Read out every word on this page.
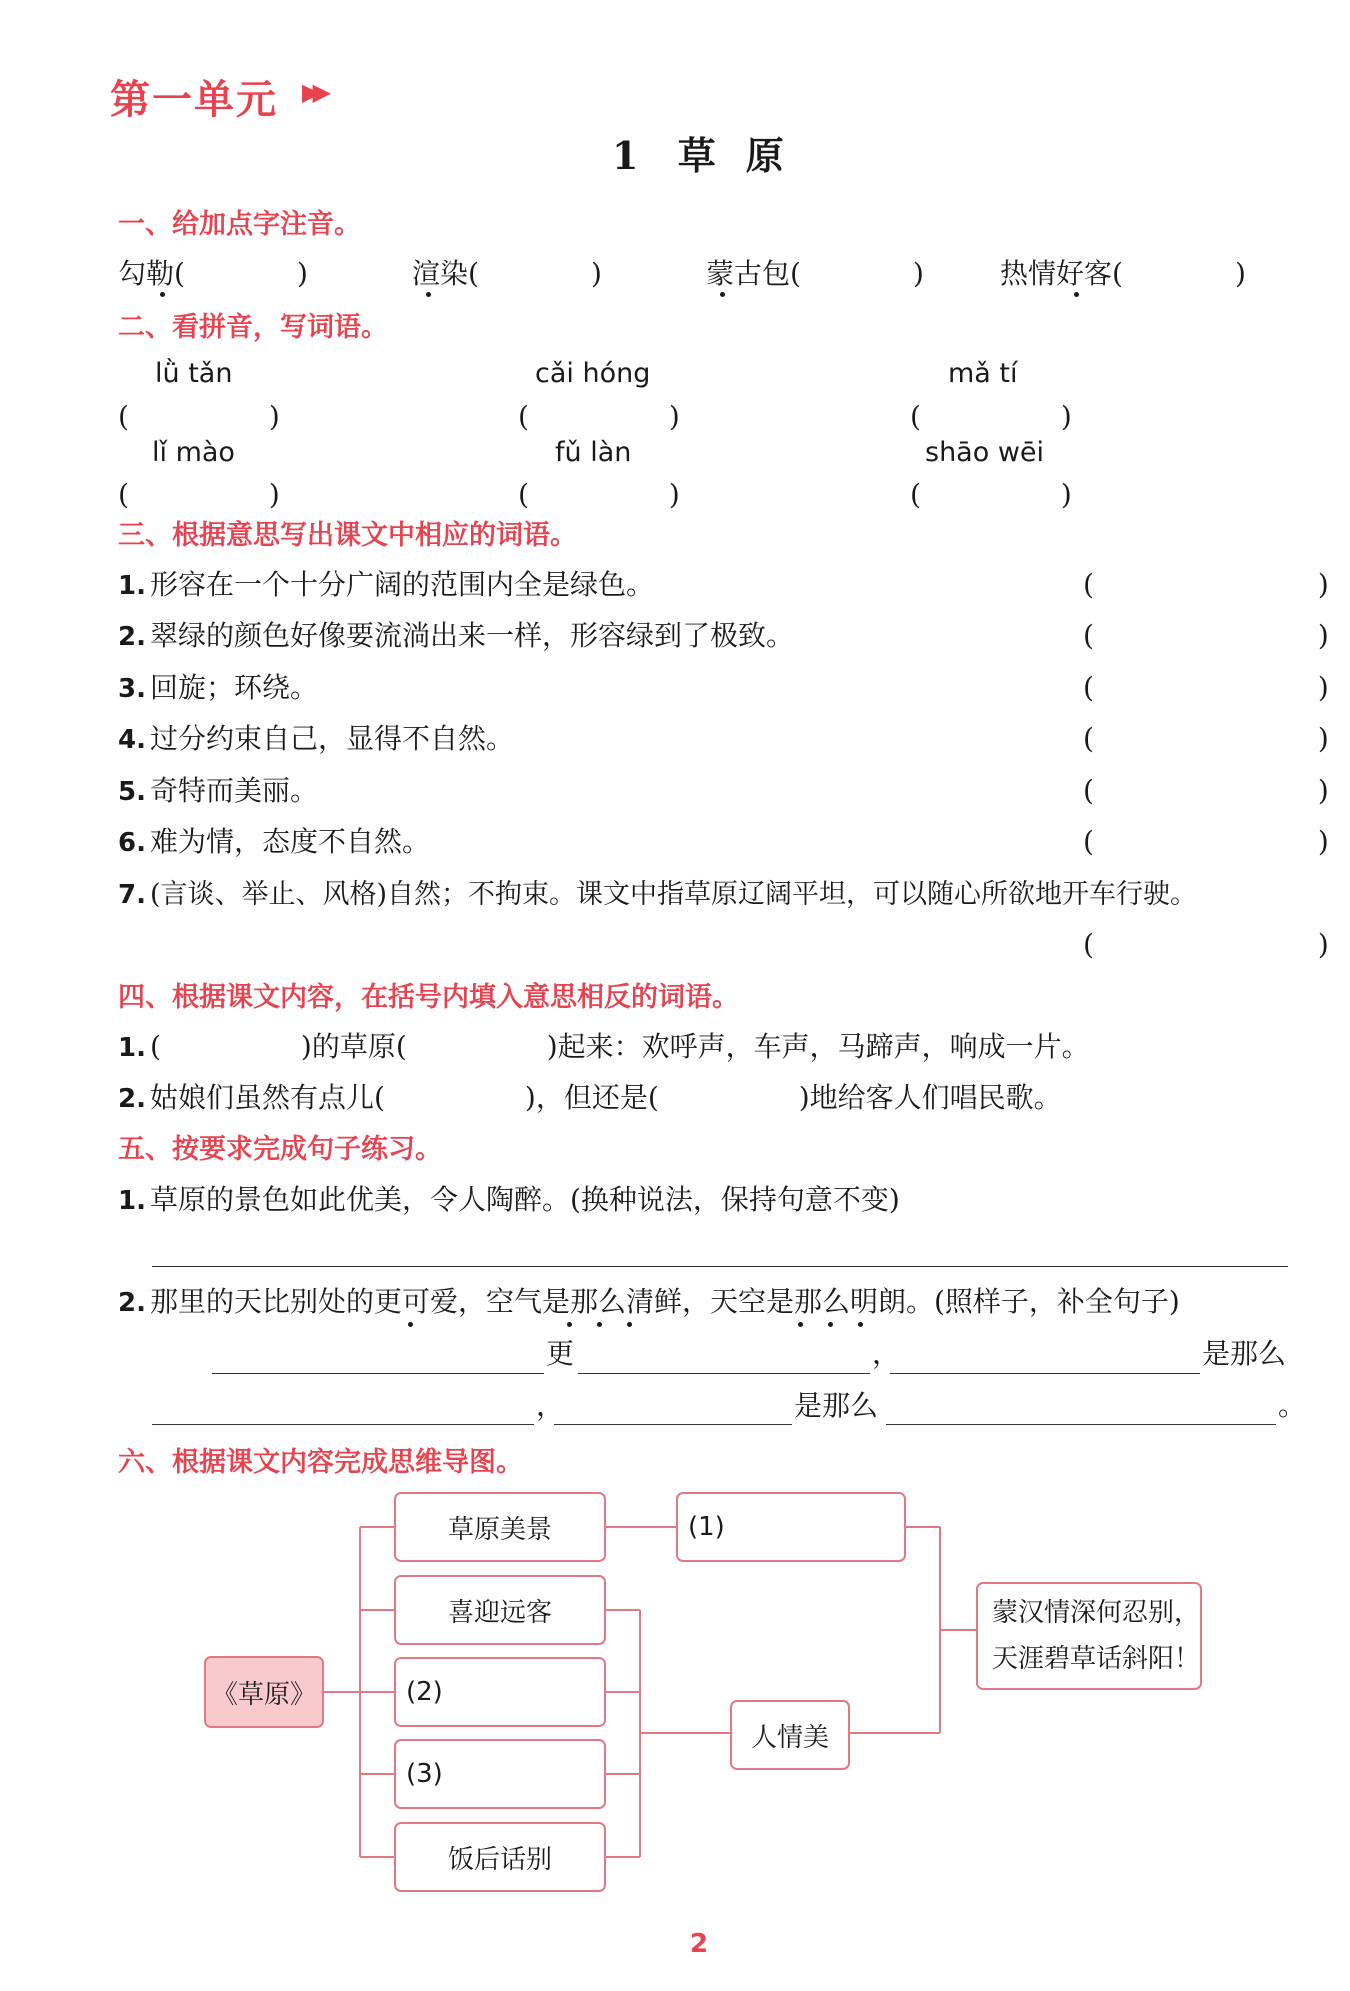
第一单元 ▶▶
1 草原
一、给加点字注音。
勾勒(　　　　)	渲染(　　　　)	蒙古包(　　　　)	热情好客(　　　　)
二、看拼音，写词语。
lǜ tǎn	cǎi hóng	mǎ tí
(　　　　　)	(　　　　　)	(　　　　　)
lǐ mào	fǔ làn	shāo wēi
(　　　　　)	(　　　　　)	(　　　　　)
三、根据意思写出课文中相应的词语。
1. 形容在一个十分广阔的范围内全是绿色。	(　　　　　　　　)
2. 翠绿的颜色好像要流淌出来一样，形容绿到了极致。	(　　　　　　　　)
3. 回旋；环绕。	(　　　　　　　　)
4. 过分约束自己，显得不自然。	(　　　　　　　　)
5. 奇特而美丽。	(　　　　　　　　)
6. 难为情，态度不自然。	(　　　　　　　　)
7. (言谈、举止、风格)自然；不拘束。课文中指草原辽阔平坦，可以随心所欲地开车行驶。
(　　　　　　　　)
四、根据课文内容，在括号内填入意思相反的词语。
1. (　　　　　)的草原(　　　　　)起来：欢呼声，车声，马蹄声，响成一片。
2. 姑娘们虽然有点儿(　　　　　)，但还是(　　　　　)地给客人们唱民歌。
五、按要求完成句子练习。
1. 草原的景色如此优美，令人陶醉。(换种说法，保持句意不变)
2. 那里的天比别处的更可爱，空气是那么清鲜，天空是那么明朗。(照样子，补全句子)
更	，	是那么
，	是那么	。
六、根据课文内容完成思维导图。
《草原》
草原美景
喜迎远客
(2)
(3)
饭后话别
(1)
人情美
蒙汉情深何忍别，
天涯碧草话斜阳！
2
